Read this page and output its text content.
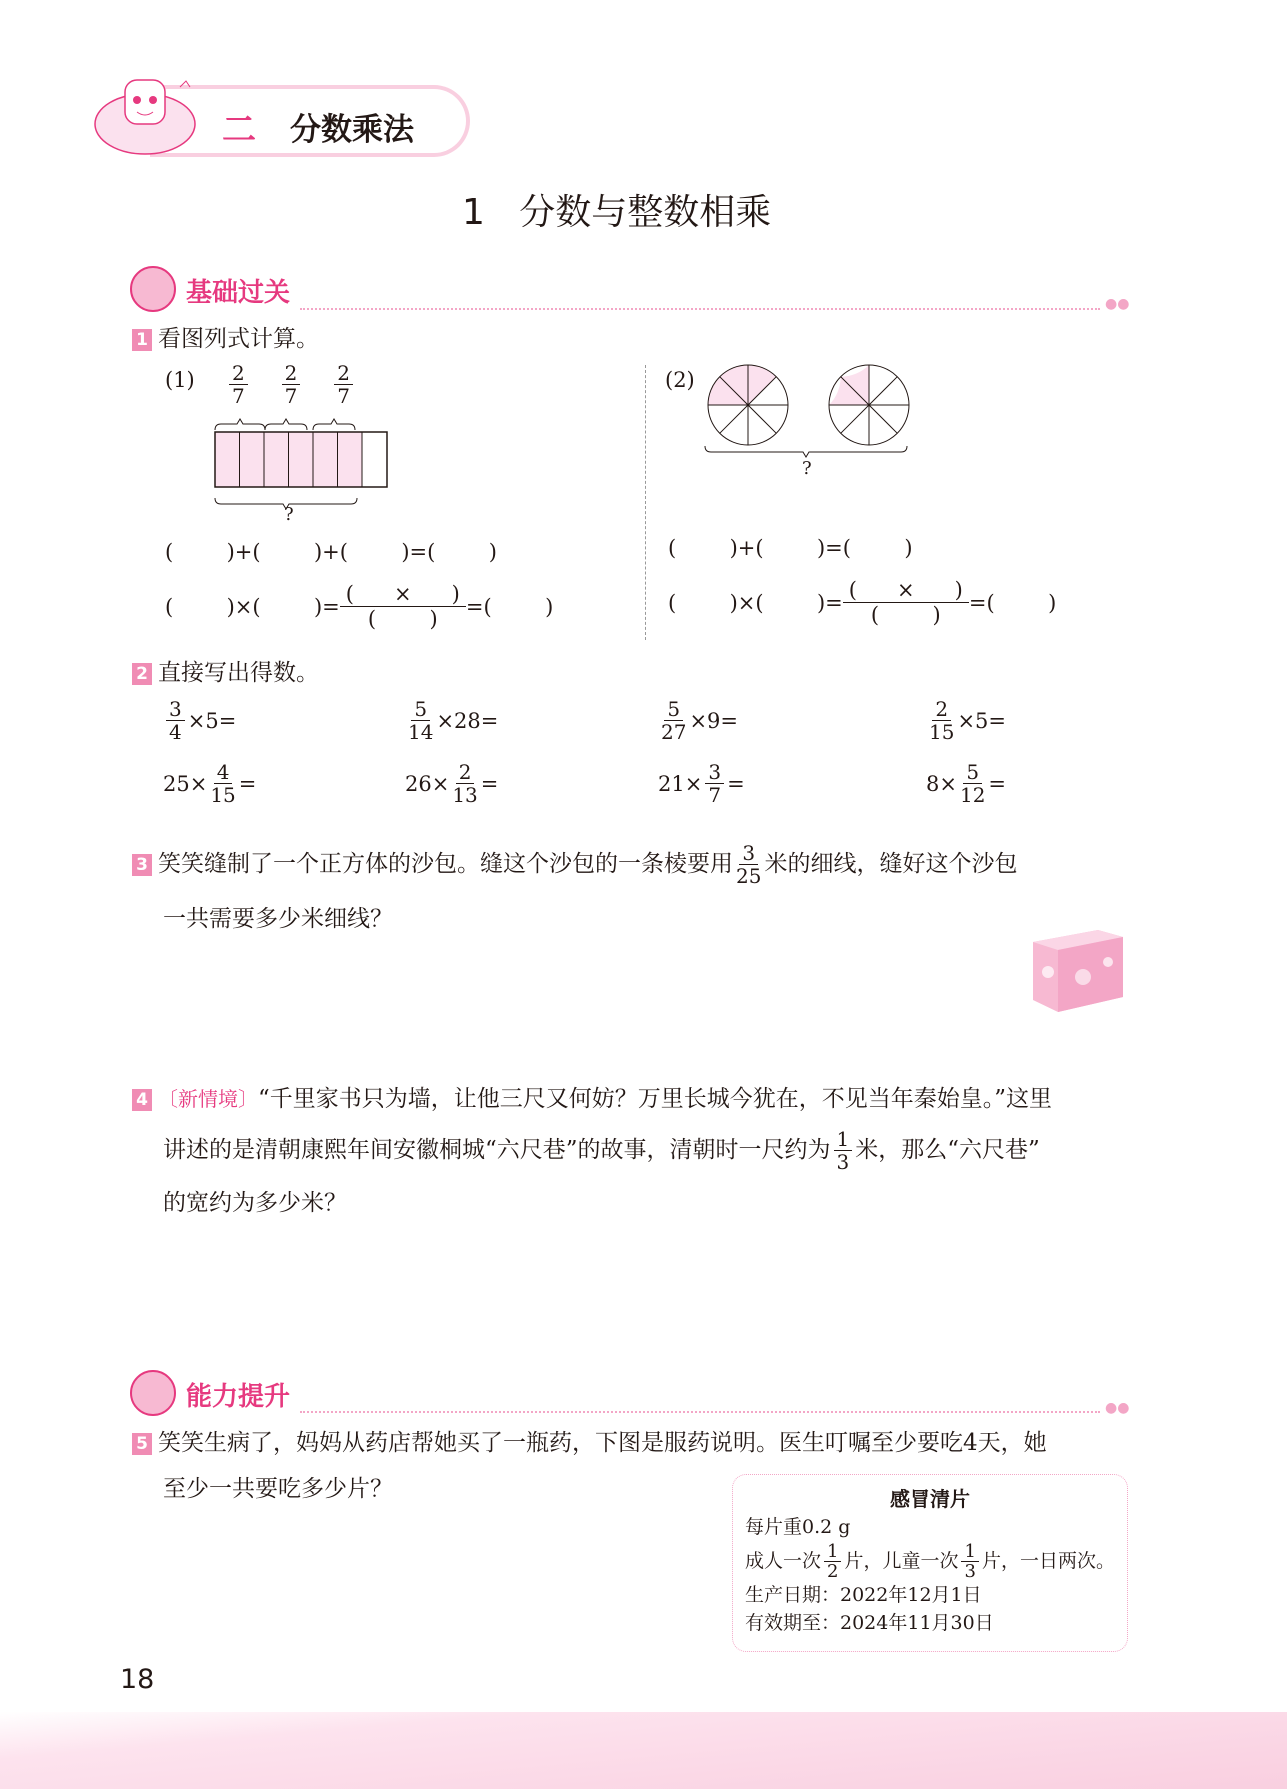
二 分数乘法
1   分数与整数相乘
基础过关	●●
1 看图列式计算。
$(1) \frac{2}{7} \frac{2}{7} \frac{2}{7}$
?
(        )+(        )+(        )=(        )
(        )×(        )=
(      ×      )
(        )
=(        )
(2)
?
(        )+(        )=(        )
(        )×(        )=
(      ×      )
(        )
=(        )
2 直接写出得数。
$\frac{3}{4} \times 5=$	$\frac{5}{14} \times 28=$	$\frac{5}{27} \times 9=$	$\frac{2}{15} \times 5=$
$25\times \frac{4}{15}$ =	$26\times \frac{2}{13}$ =	$21\times \frac{3}{7}$ =	$8\times \frac{5}{12}$ =
3 笑笑缝制了一个正方体的沙包。缝这个沙包的一条棱要用 $\frac{3}{25}$ 米的细线，缝好这个沙包
一共需要多少米细线？
4 〔新情境〕“千里家书只为墙，让他三尺又何妨？万里长城今犹在，不见当年秦始皇。”这里
讲述的是清朝康熙年间安徽桐城“六尺巷”的故事，清朝时一尺约为 $\frac{1}{3}$ 米，那么“六尺巷”
的宽约为多少米？
能力提升	●●
5 笑笑生病了，妈妈从药店帮她买了一瓶药，下图是服药说明。医生叮嘱至少要吃4天，她
至少一共要吃多少片？	感冒清片
每片重0.2 g
成人一次 $\frac{1}{2}$ 片，儿童一次 $\frac{1}{3}$ 片，一日两次。
生产日期：2022年12月1日
有效期至：2024年11月30日
18
